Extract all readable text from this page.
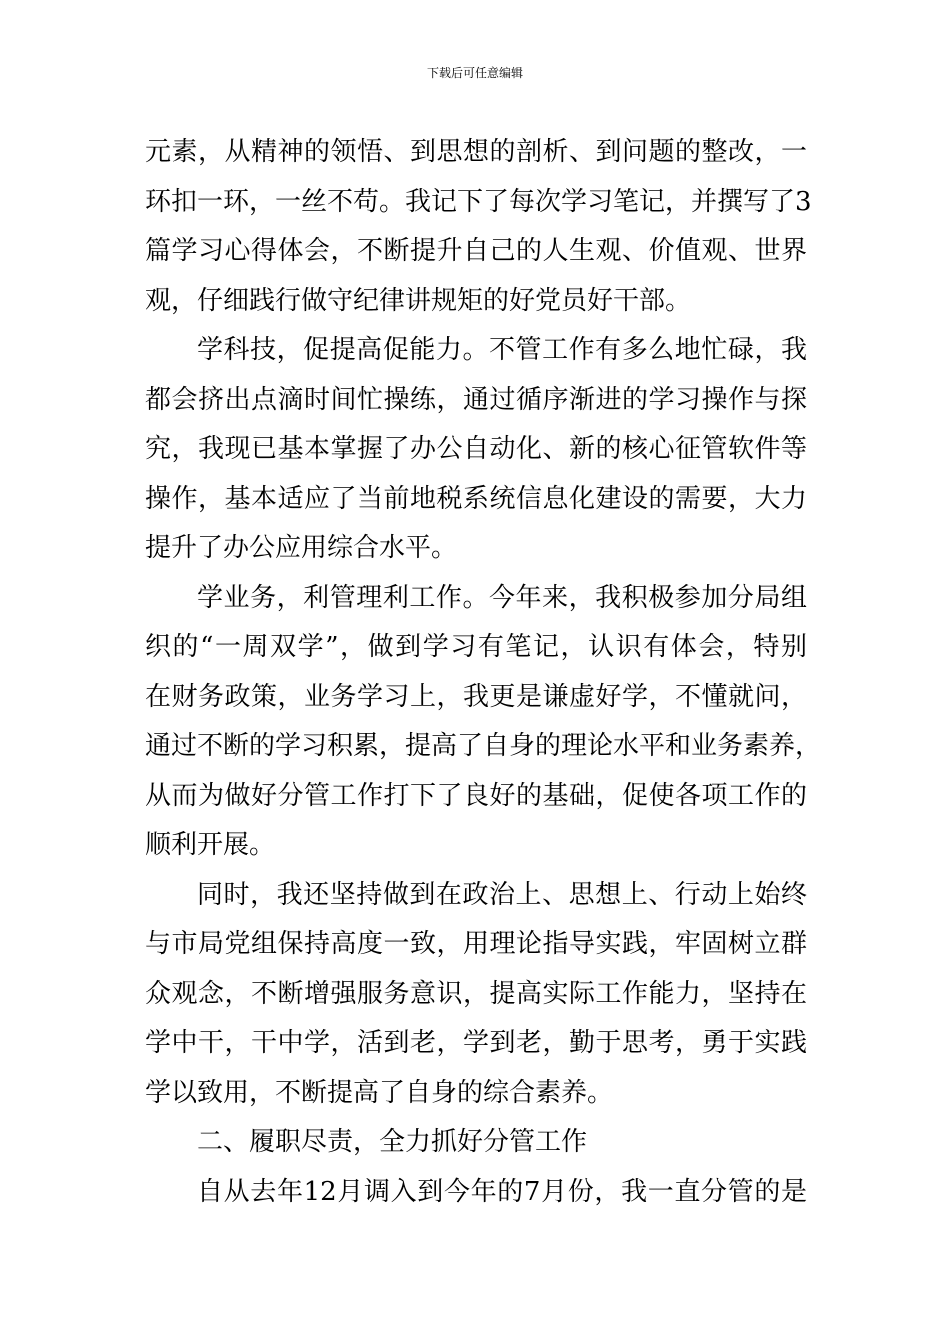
下载后可任意编辑

元素，从精神的领悟、到思想的剖析、到问题的整改，一
环扣一环，一丝不苟。我记下了每次学习笔记，并撰写了3
篇学习心得体会，不断提升自己的人生观、价值观、世界
观，仔细践行做守纪律讲规矩的好党员好干部。

学科技，促提高促能力。不管工作有多么地忙碌，我
都会挤出点滴时间忙操练，通过循序渐进的学习操作与探
究，我现已基本掌握了办公自动化、新的核心征管软件等
操作，基本适应了当前地税系统信息化建设的需要，大力
提升了办公应用综合水平。

学业务，利管理利工作。今年来，我积极参加分局组
织的“一周双学”，做到学习有笔记，认识有体会，特别
在财务政策，业务学习上，我更是谦虚好学，不懂就问，
通过不断的学习积累，提高了自身的理论水平和业务素养，
从而为做好分管工作打下了良好的基础，促使各项工作的
顺利开展。

同时，我还坚持做到在政治上、思想上、行动上始终
与市局党组保持高度一致，用理论指导实践，牢固树立群
众观念，不断增强服务意识，提高实际工作能力，坚持在
学中干，干中学，活到老，学到老，勤于思考，勇于实践
学以致用，不断提高了自身的综合素养。

二、履职尽责，全力抓好分管工作

自从去年12月调入到今年的7月份，我一直分管的是
